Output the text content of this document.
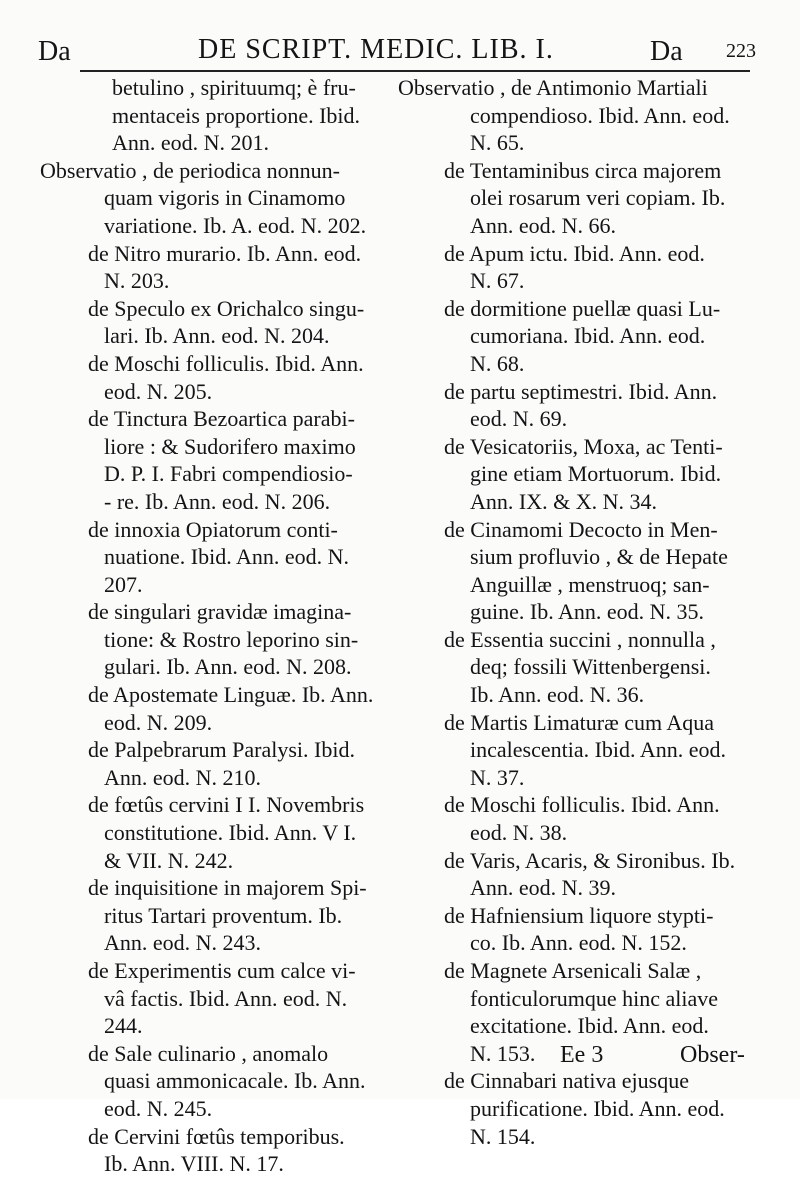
Da	DE SCRIPT. MEDIC. LIB. I.	Da 223
betulino , spirituumq; è fru-
mentaceis proportione. Ibid.
Ann. eod. N. 201.
Observatio , de periodica nonnun-
quam vigoris in Cinamomo
variatione. Ib. A. eod. N. 202.
de Nitro murario. Ib. Ann. eod.
N. 203.
de Speculo ex Orichalco singu-
lari. Ib. Ann. eod. N. 204.
de Moschi folliculis. Ibid. Ann.
eod. N. 205.
de Tinctura Bezoartica parabi-
liore : & Sudorifero maximo
D. P. I. Fabri compendiosio-
- re. Ib. Ann. eod. N. 206.
de innoxia Opiatorum conti-
nuatione. Ibid. Ann. eod. N.
207.
de singulari gravidæ imagina-
tione: & Rostro leporino sin-
gulari. Ib. Ann. eod. N. 208.
de Apostemate Linguæ. Ib. Ann.
eod. N. 209.
de Palpebrarum Paralysi. Ibid.
Ann. eod. N. 210.
de fœtûs cervini I I. Novembris
constitutione. Ibid. Ann. V I.
& VII. N. 242.
de inquisitione in majorem Spi-
ritus Tartari proventum. Ib.
Ann. eod. N. 243.
de Experimentis cum calce vi-
vâ factis. Ibid. Ann. eod. N.
244.
de Sale culinario , anomalo
quasi ammonicacale. Ib. Ann.
eod. N. 245.
de Cervini fœtûs temporibus.
Ib. Ann. VIII. N. 17.
Observatio , de Antimonio Martiali
compendioso. Ibid. Ann. eod.
N. 65.
de Tentaminibus circa majorem
olei rosarum veri copiam. Ib.
Ann. eod. N. 66.
de Apum ictu. Ibid. Ann. eod.
N. 67.
de dormitione puellæ quasi Lu-
cumoriana. Ibid. Ann. eod.
N. 68.
de partu septimestri. Ibid. Ann.
eod. N. 69.
de Vesicatoriis, Moxa, ac Tenti-
gine etiam Mortuorum. Ibid.
Ann. IX. & X. N. 34.
de Cinamomi Decocto in Men-
sium profluvio , & de Hepate
Anguillæ , menstruoq; san-
guine. Ib. Ann. eod. N. 35.
de Essentia succini , nonnulla ,
deq; fossili Wittenbergensi.
Ib. Ann. eod. N. 36.
de Martis Limaturæ cum Aqua
incalescentia. Ibid. Ann. eod.
N. 37.
de Moschi folliculis. Ibid. Ann.
eod. N. 38.
de Varis, Acaris, & Sironibus. Ib.
Ann. eod. N. 39.
de Hafniensium liquore stypti-
co. Ib. Ann. eod. N. 152.
de Magnete Arsenicali Salæ ,
fonticulorumque hinc aliave
excitatione. Ibid. Ann. eod.
N. 153.
de Cinnabari nativa ejusque
purificatione. Ibid. Ann. eod.
N. 154.
Ee 3	Obser-
